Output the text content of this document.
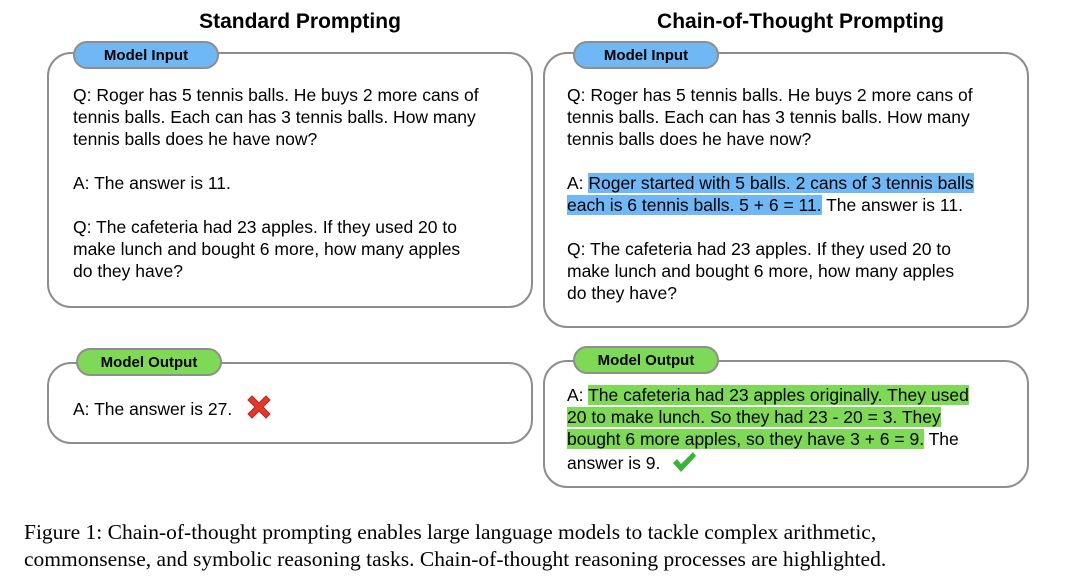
Standard Prompting	Chain-of-Thought Prompting
Model Input

Q: Roger has 5 tennis balls. He buys 2 more cans of

tennis balls. Each can has 3 tennis balls. How many

tennis balls does he have now?

A: The answer is 11.

Q: The cafeteria had 23 apples. If they used 20 to

make lunch and bought 6 more, how many apples

do they have?

Model Output
A: The answer is 27.
Model Input

Q: Roger has 5 tennis balls. He buys 2 more cans of

tennis balls. Each can has 3 tennis balls. How many

tennis balls does he have now?

A: Roger started with 5 balls. 2 cans of 3 tennis balls

each is 6 tennis balls. 5 + 6 = 11. The answer is 11.

Q: The cafeteria had 23 apples. If they used 20 to

make lunch and bought 6 more, how many apples

do they have?

Model Output

A: The cafeteria had 23 apples originally. They used

20 to make lunch. So they had 23 - 20 = 3. They

bought 6 more apples, so they have 3 + 6 = 9. The

answer is 9.

Figure 1: Chain-of-thought prompting enables large language models to tackle complex arithmetic,
commonsense, and symbolic reasoning tasks. Chain-of-thought reasoning processes are highlighted.
